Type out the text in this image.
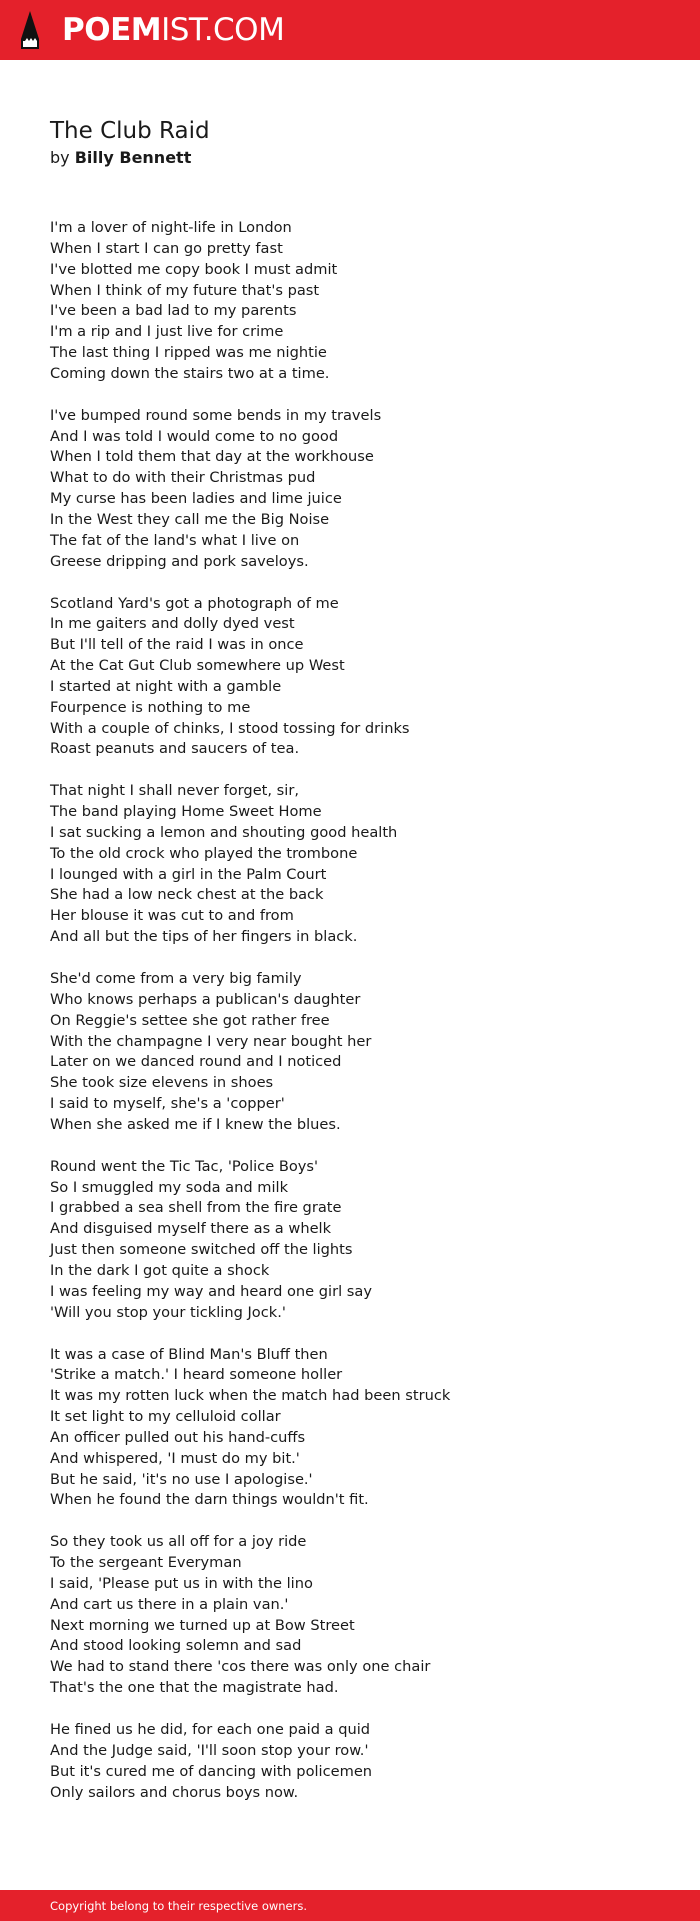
POEMIST.COM
The Club Raid
by Billy Bennett
I'm a lover of night-life in London
When I start I can go pretty fast
I've blotted me copy book I must admit
When I think of my future that's past
I've been a bad lad to my parents
I'm a rip and I just live for crime
The last thing I ripped was me nightie
Coming down the stairs two at a time.
I've bumped round some bends in my travels
And I was told I would come to no good
When I told them that day at the workhouse
What to do with their Christmas pud
My curse has been ladies and lime juice
In the West they call me the Big Noise
The fat of the land's what I live on
Greese dripping and pork saveloys.
Scotland Yard's got a photograph of me
In me gaiters and dolly dyed vest
But I'll tell of the raid I was in once
At the Cat Gut Club somewhere up West
I started at night with a gamble
Fourpence is nothing to me
With a couple of chinks, I stood tossing for drinks
Roast peanuts and saucers of tea.
That night I shall never forget, sir,
The band playing Home Sweet Home
I sat sucking a lemon and shouting good health
To the old crock who played the trombone
I lounged with a girl in the Palm Court
She had a low neck chest at the back
Her blouse it was cut to and from
And all but the tips of her fingers in black.
She'd come from a very big family
Who knows perhaps a publican's daughter
On Reggie's settee she got rather free
With the champagne I very near bought her
Later on we danced round and I noticed
She took size elevens in shoes
I said to myself, she's a 'copper'
When she asked me if I knew the blues.
Round went the Tic Tac, 'Police Boys'
So I smuggled my soda and milk
I grabbed a sea shell from the fire grate
And disguised myself there as a whelk
Just then someone switched off the lights
In the dark I got quite a shock
I was feeling my way and heard one girl say
'Will you stop your tickling Jock.'
It was a case of Blind Man's Bluff then
'Strike a match.' I heard someone holler
It was my rotten luck when the match had been struck
It set light to my celluloid collar
An officer pulled out his hand-cuffs
And whispered, 'I must do my bit.'
But he said, 'it's no use I apologise.'
When he found the darn things wouldn't fit.
So they took us all off for a joy ride
To the sergeant Everyman
I said, 'Please put us in with the lino
And cart us there in a plain van.'
Next morning we turned up at Bow Street
And stood looking solemn and sad
We had to stand there 'cos there was only one chair
That's the one that the magistrate had.
He fined us he did, for each one paid a quid
And the Judge said, 'I'll soon stop your row.'
But it's cured me of dancing with policemen
Only sailors and chorus boys now.
Copyright belong to their respective owners.
